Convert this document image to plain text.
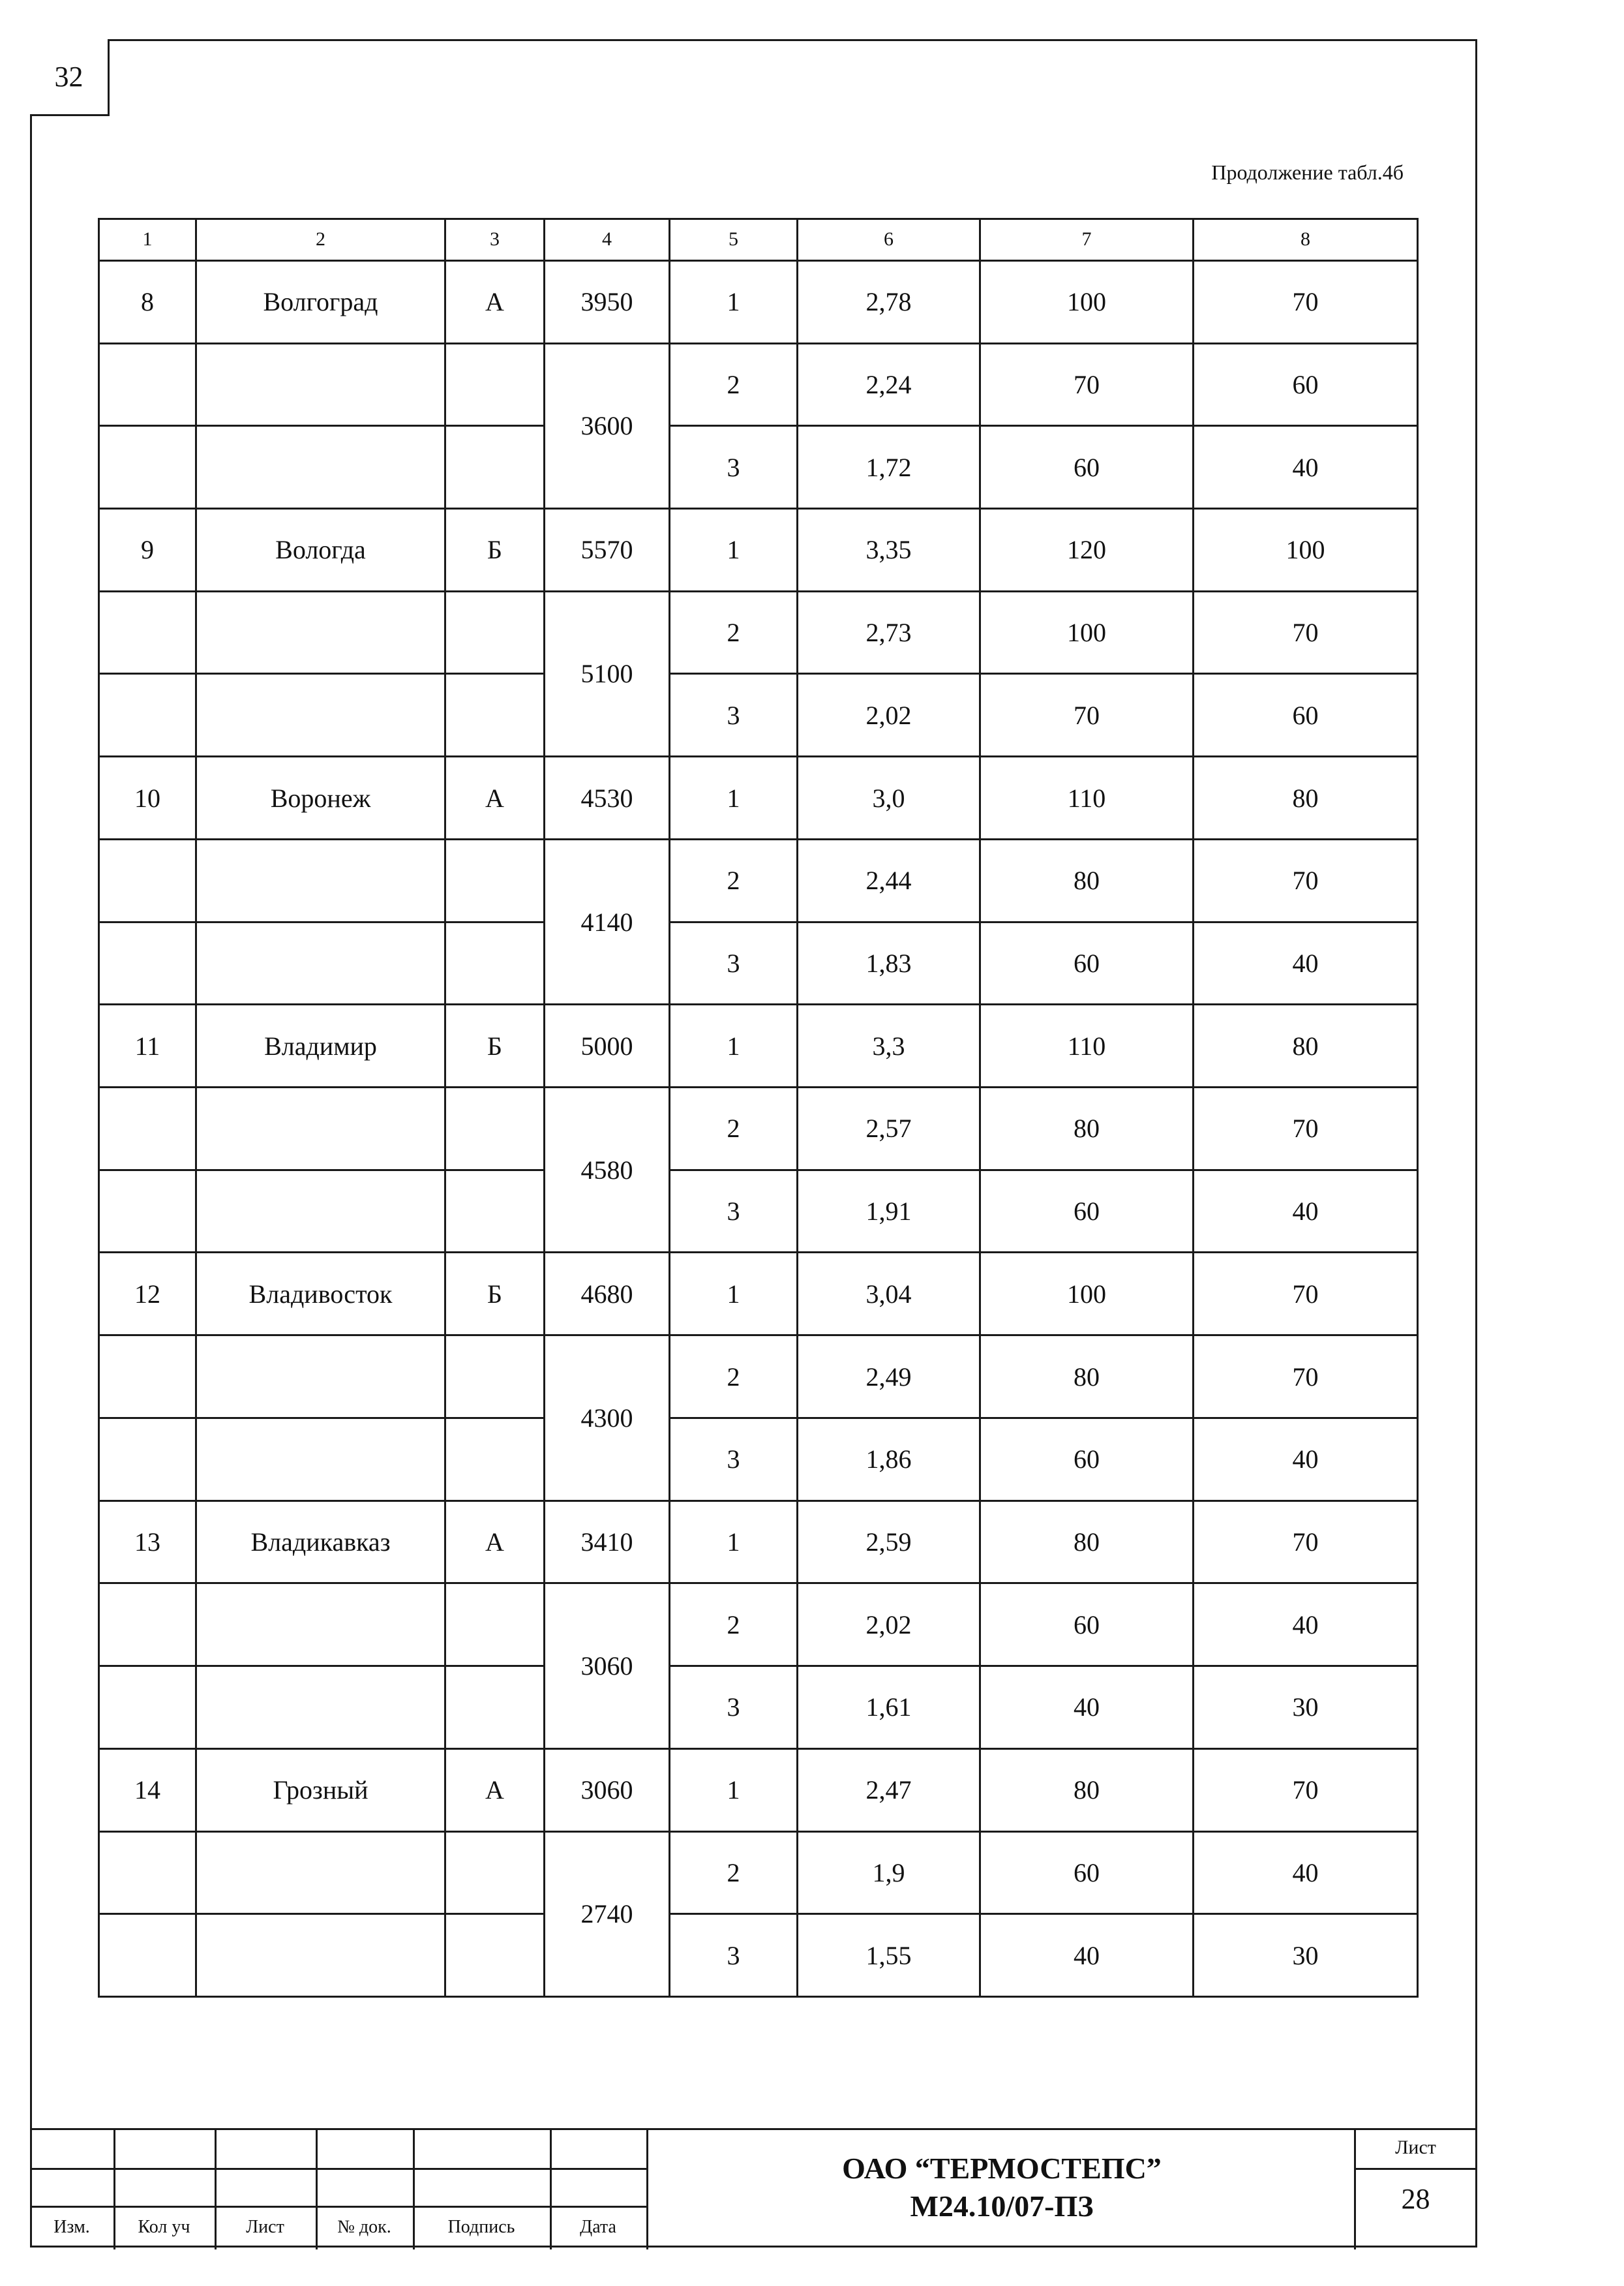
32
Продолжение табл.4б
1	2	3	4	5	6	7	8
8	Волгоград	А	3950	1	2,78	100	70
			3600	2	2,24	70	60
				3	1,72	60	40
9	Вологда	Б	5570	1	3,35	120	100
			5100	2	2,73	100	70
				3	2,02	70	60
10	Воронеж	А	4530	1	3,0	110	80
			4140	2	2,44	80	70
				3	1,83	60	40
11	Владимир	Б	5000	1	3,3	110	80
			4580	2	2,57	80	70
				3	1,91	60	40
12	Владивосток	Б	4680	1	3,04	100	70
			4300	2	2,49	80	70
				3	1,86	60	40
13	Владикавказ	А	3410	1	2,59	80	70
			3060	2	2,02	60	40
				3	1,61	40	30
14	Грозный	А	3060	1	2,47	80	70
			2740	2	1,9	60	40
				3	1,55	40	30
Изм.	Кол уч	Лист	№ док.	Подпись	Дата
ОАО “ТЕРМОСТЕПС”
М24.10/07-ПЗ
Лист
28
